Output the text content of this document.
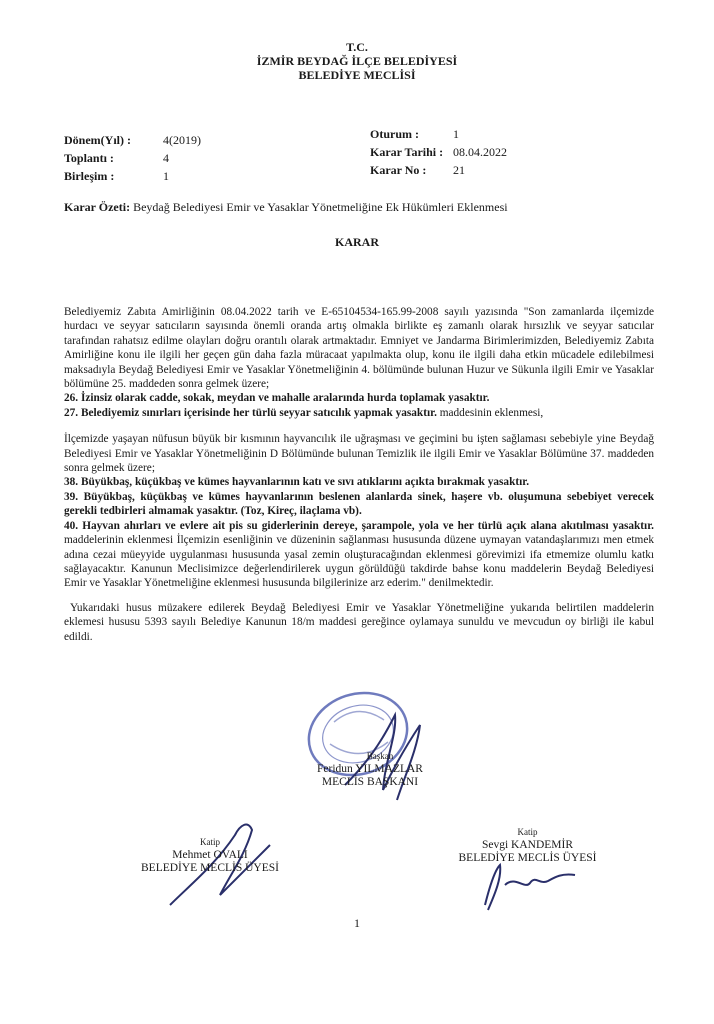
T.C.
İZMİR BEYDAĞ İLÇE BELEDİYESİ
BELEDİYE MECLİSİ
Dönem(Yıl) :	4(2019)
Toplantı :	4
Birleşim :	1
Oturum :	1
Karar Tarihi : 08.04.2022
Karar No : 21
Karar Özeti: Beydağ Belediyesi Emir ve Yasaklar Yönetmeliğine Ek Hükümleri Eklenmesi
KARAR

Belediyemiz Zabıta Amirliğinin 08.04.2022 tarih ve E-65104534-165.99-2008 sayılı yazısında "Son zamanlarda ilçemizde hurdacı ve seyyar satıcıların sayısında önemli oranda artış olmakla birlikte eş zamanlı olarak hırsızlık ve seyyar satıcılar tarafından rahatsız edilme olayları doğru orantılı olarak artmaktadır. Emniyet ve Jandarma Birimlerimizden, Belediyemiz Zabıta Amirliğine konu ile ilgili her geçen gün daha fazla müracaat yapılmakta olup, konu ile ilgili daha etkin mücadele edilebilmesi maksadıyla Beydağ Belediyesi Emir ve Yasaklar Yönetmeliğinin 4. bölümünde bulunan Huzur ve Sükunla ilgili Emir ve Yasaklar bölümüne 25. maddeden sonra gelmek üzere;

26. İzinsiz olarak cadde, sokak, meydan ve mahalle aralarında hurda toplamak yasaktır.

27. Belediyemiz sınırları içerisinde her türlü seyyar satıcılık yapmak yasaktır. maddesinin eklenmesi,

İlçemizde yaşayan nüfusun büyük bir kısmının hayvancılık ile uğraşması ve geçimini bu işten sağlaması sebebiyle yine Beydağ Belediyesi Emir ve Yasaklar Yönetmeliğinin D Bölümünde bulunan Temizlik ile ilgili Emir ve Yasaklar Bölümüne 37. maddeden sonra gelmek üzere;

38. Büyükbaş, küçükbaş ve kümes hayvanlarının katı ve sıvı atıklarını açıkta bırakmak yasaktır.

39. Büyükbaş, küçükbaş ve kümes hayvanlarının beslenen alanlarda sinek, haşere vb. oluşumuna sebebiyet verecek gerekli tedbirleri almamak yasaktır. (Toz, Kireç, ilaçlama vb).

40. Hayvan ahırları ve evlere ait pis su giderlerinin dereye, şarampole, yola ve her türlü açık alana akıtılması yasaktır. maddelerinin eklenmesi İlçemizin esenliğinin ve düzeninin sağlanması hususunda düzene uymayan vatandaşlarımızı men etmek adına cezai müeyyide uygulanması hususunda yasal zemin oluşturacağından eklenmesi görevimizi ifa etmemize olumlu katkı sağlayacaktır. Kanunun Meclisimizce değerlendirilerek uygun görüldüğü takdirde bahse konu maddelerin Beydağ Belediyesi Emir ve Yasaklar Yönetmeliğine eklenmesi hususunda bilgilerinize arz ederim." denilmektedir.

Yukarıdaki husus müzakere edilerek Beydağ Belediyesi Emir ve Yasaklar Yönetmeliğine yukarıda belirtilen maddelerin eklemesi hususu 5393 sayılı Belediye Kanunun 18/m maddesi gereğince oylamaya sunuldu ve mevcudun oy birliği ile kabul edildi.

Başkan
Feridun YILMAZLAR
MECLİS BAŞKANI
Katip
Mehmet OVALI
BELEDİYE MECLİS ÜYESİ
Katip
Sevgi KANDEMİR
BELEDİYE MECLİS ÜYESİ
1
